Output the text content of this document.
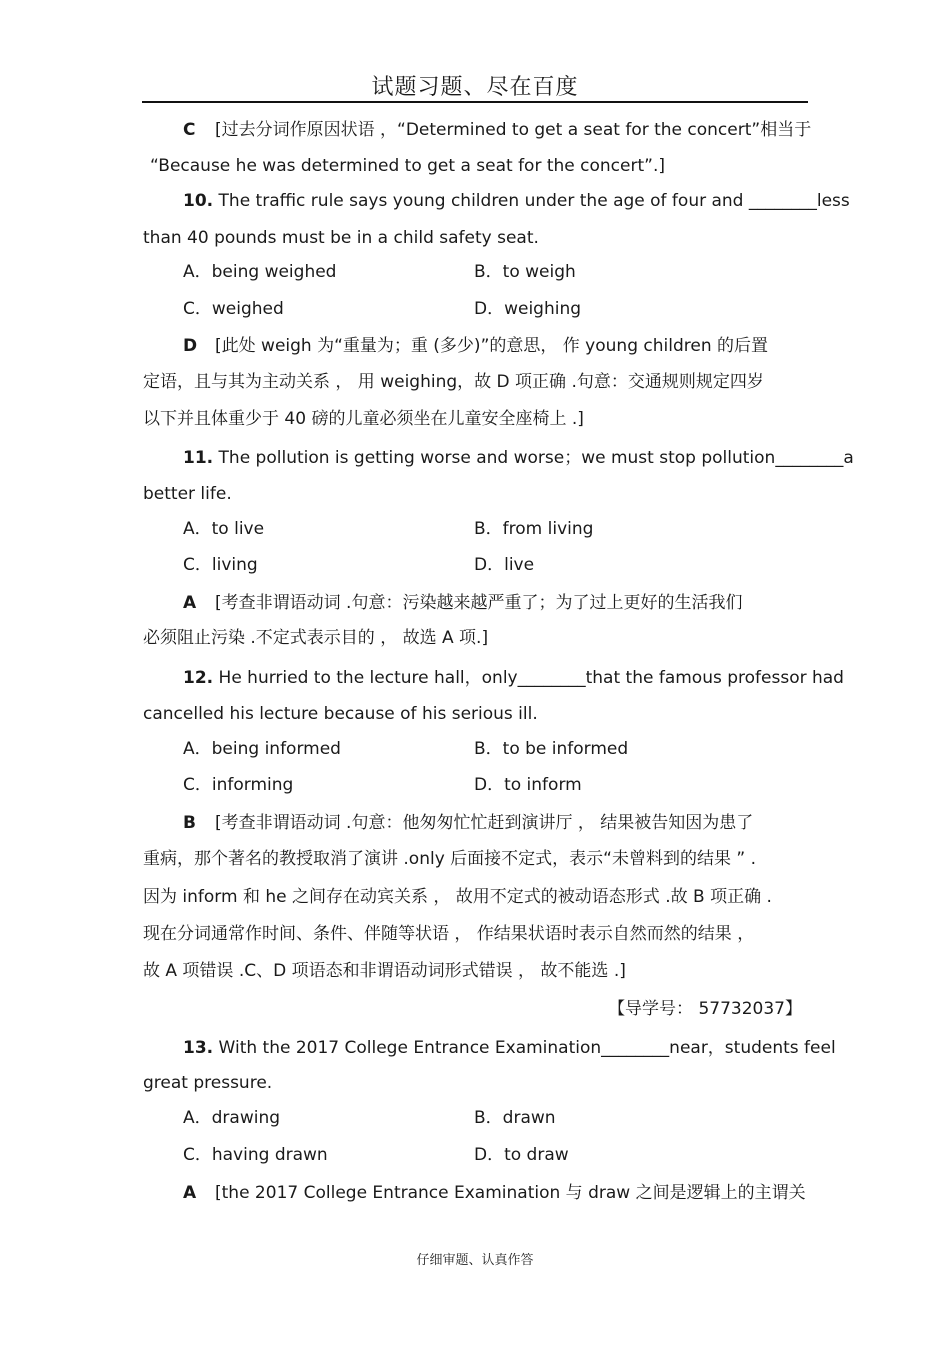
试题习题、尽在百度
C [过去分词作原因状语 ，“Determined to get a seat for the concert”相当于
“Because he was determined to get a seat for the concert”.]
10. The traffic rule says young children under the age of four and ________less
than 40 pounds must be in a child safety seat.
A．being weighed	B．to weigh
C．weighed	D．weighing
D [此处 weigh 为“重量为；重 (多少)”的意思， 作 young children 的后置
定语，且与其为主动关系 ， 用 weighing，故 D 项正确 .句意：交通规则规定四岁
以下并且体重少于 40 磅的儿童必须坐在儿童安全座椅上 .]
11. The pollution is getting worse and worse；we must stop pollution________a
better life.
A．to live	B．from living
C．living	D．live
A [考查非谓语动词 .句意：污染越来越严重了；为了过上更好的生活我们
必须阻止污染 .不定式表示目的 ， 故选 A 项.]
12. He hurried to the lecture hall，only________that the famous professor had
cancelled his lecture because of his serious ill.
A．being informed	B．to be informed
C．informing	D．to inform
B [考查非谓语动词 .句意：他匆匆忙忙赶到演讲厅 ， 结果被告知因为患了
重病，那个著名的教授取消了演讲 .only 后面接不定式，表示“未曾料到的结果 ” .
因为 inform 和 he 之间存在动宾关系 ， 故用不定式的被动语态形式 .故 B 项正确 .
现在分词通常作时间、条件、伴随等状语 ， 作结果状语时表示自然而然的结果 ，
故 A 项错误 .C、D 项语态和非谓语动词形式错误 ， 故不能选 .]
【导学号： 57732037】
13. With the 2017 College Entrance Examination________near，students feel
great pressure.
A．drawing	B．drawn
C．having drawn	D．to draw
A [the 2017 College Entrance Examination 与 draw 之间是逻辑上的主谓关
仔细审题、认真作答
